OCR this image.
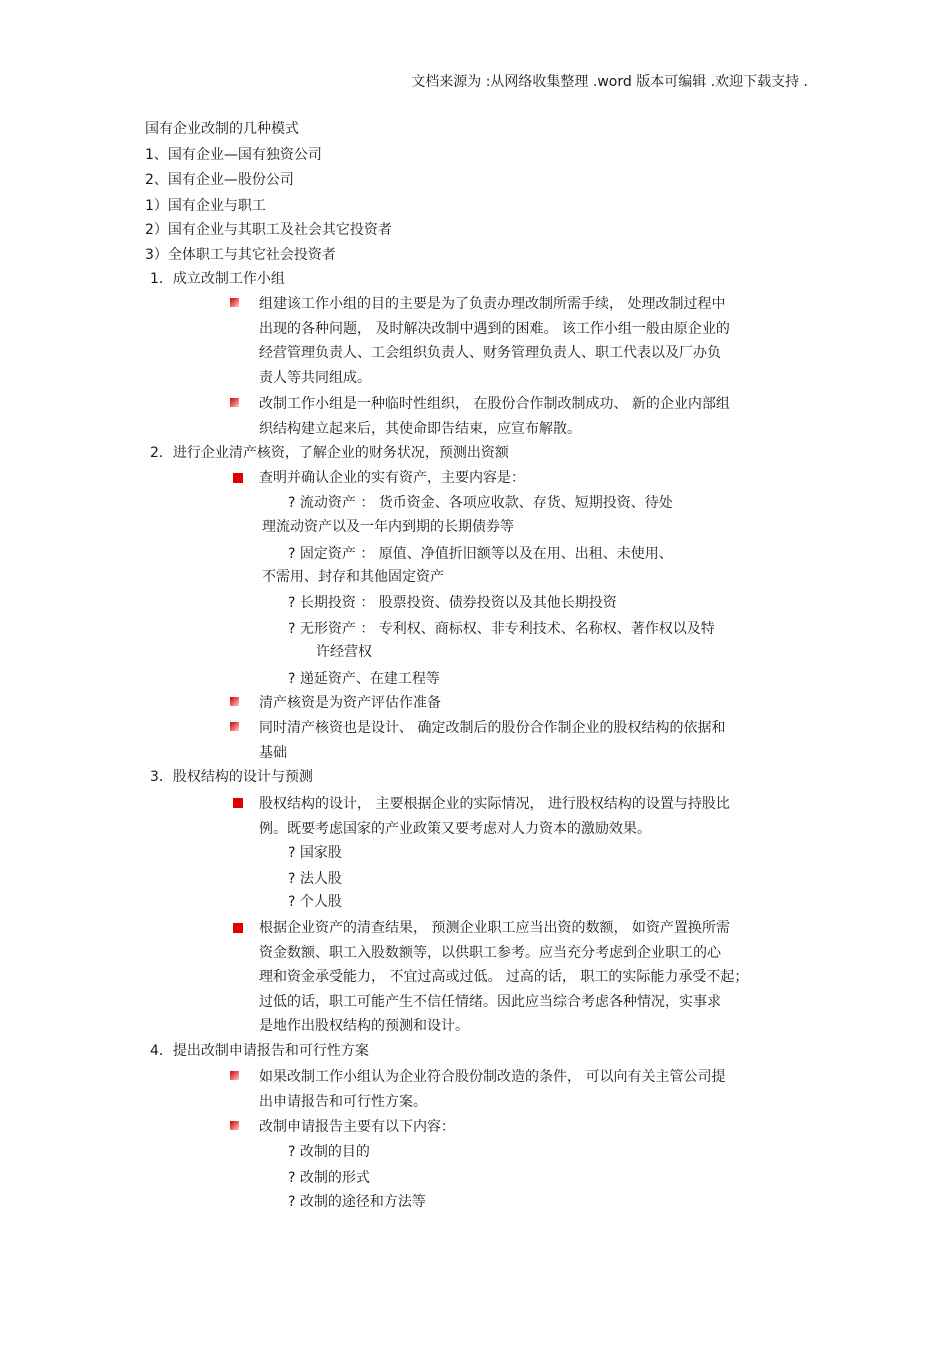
文档来源为 :从网络收集整理 .word 版本可编辑 .欢迎下载支持 .
国有企业改制的几种模式
1、国有企业—国有独资公司
2、国有企业—股份公司
1）国有企业与职工
2）国有企业与其职工及社会其它投资者
3）全体职工与其它社会投资者
1．成立改制工作小组
组建该工作小组的目的主要是为了负责办理改制所需手续， 处理改制过程中
出现的各种问题， 及时解决改制中遇到的困难。 该工作小组一般由原企业的
经营管理负责人、工会组织负责人、财务管理负责人、职工代表以及厂办负
责人等共同组成。
改制工作小组是一种临时性组织， 在股份合作制改制成功、 新的企业内部组
织结构建立起来后，其使命即告结束，应宣布解散。
2．进行企业清产核资，了解企业的财务状况，预测出资额
查明并确认企业的实有资产，主要内容是：
? 流动资产 ： 货币资金、各项应收款、存货、短期投资、待处
理流动资产以及一年内到期的长期债券等
? 固定资产 ： 原值、净值折旧额等以及在用、出租、未使用、
不需用、封存和其他固定资产
? 长期投资 ： 股票投资、债券投资以及其他长期投资
? 无形资产 ： 专利权、商标权、非专利技术、名称权、著作权以及特
许经营权
? 递延资产、在建工程等
清产核资是为资产评估作准备
同时清产核资也是设计、 确定改制后的股份合作制企业的股权结构的依据和
基础
3．股权结构的设计与预测
股权结构的设计， 主要根据企业的实际情况， 进行股权结构的设置与持股比
例。既要考虑国家的产业政策又要考虑对人力资本的激励效果。
? 国家股
? 法人股
? 个人股
根据企业资产的清查结果， 预测企业职工应当出资的数额， 如资产置换所需
资金数额、职工入股数额等，以供职工参考。应当充分考虑到企业职工的心
理和资金承受能力， 不宜过高或过低。 过高的话， 职工的实际能力承受不起；
过低的话，职工可能产生不信任情绪。因此应当综合考虑各种情况，实事求
是地作出股权结构的预测和设计。
4．提出改制申请报告和可行性方案
如果改制工作小组认为企业符合股份制改造的条件， 可以向有关主管公司提
出申请报告和可行性方案。
改制申请报告主要有以下内容：
? 改制的目的
? 改制的形式
? 改制的途径和方法等
